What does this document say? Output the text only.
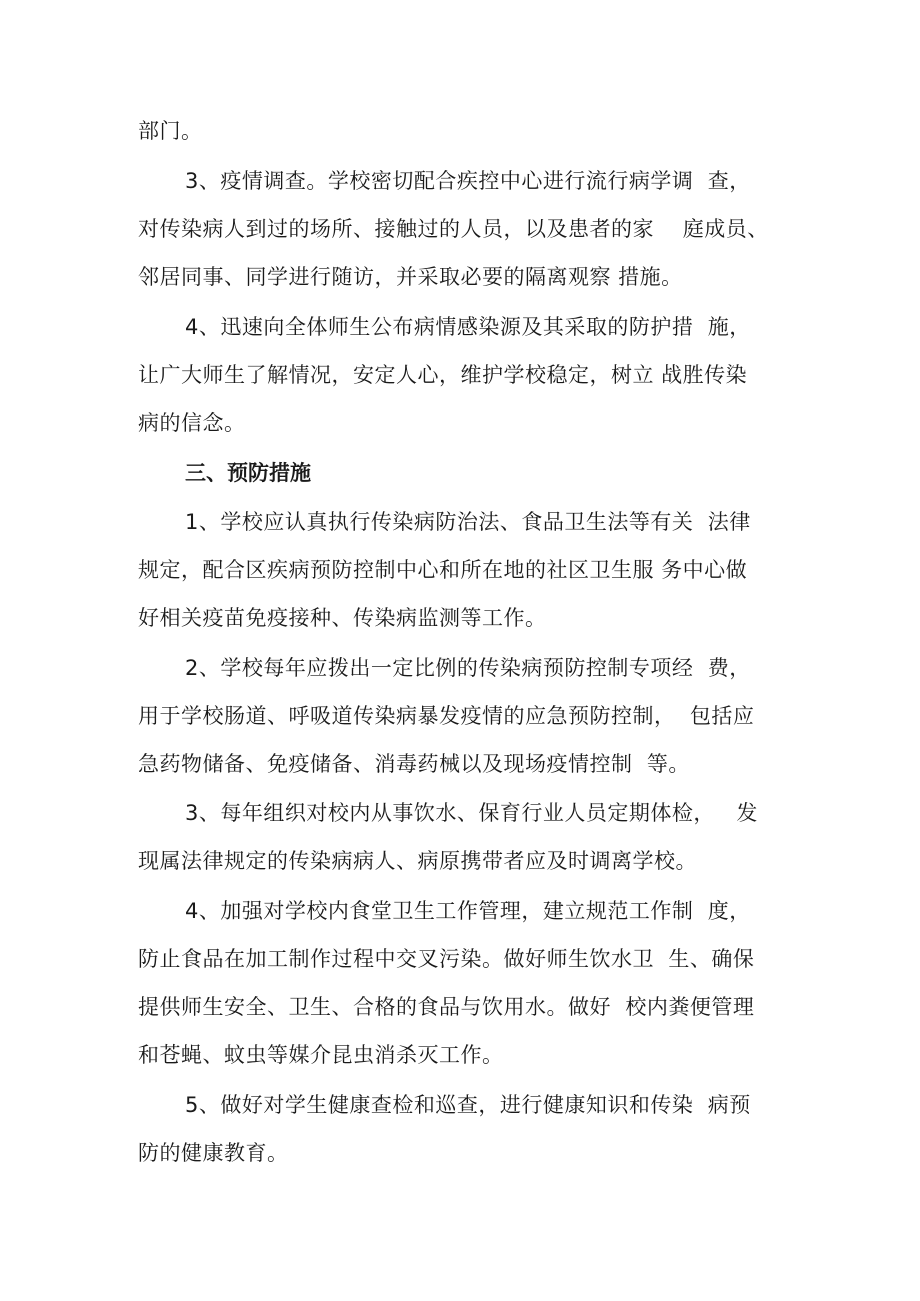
部门。
3、疫情调查。学校密切配合疾控中心进行流行病学调  查，
对传染病人到过的场所、接触过的人员，以及患者的家    庭成员、
邻居同事、同学进行随访，并采取必要的隔离观察 措施。
4、迅速向全体师生公布病情感染源及其采取的防护措  施，
让广大师生了解情况，安定人心，维护学校稳定，树立 战胜传染
病的信念。
三、预防措施
1、学校应认真执行传染病防治法、食品卫生法等有关  法律
规定，配合区疾病预防控制中心和所在地的社区卫生服 务中心做
好相关疫苗免疫接种、传染病监测等工作。
2、学校每年应拨出一定比例的传染病预防控制专项经  费，
用于学校肠道、呼吸道传染病暴发疫情的应急预防控制，  包括应
急药物储备、免疫储备、消毒药械以及现场疫情控制  等。
3、每年组织对校内从事饮水、保育行业人员定期体检，   发
现属法律规定的传染病病人、病原携带者应及时调离学校。
4、加强对学校内食堂卫生工作管理，建立规范工作制  度，
防止食品在加工制作过程中交叉污染。做好师生饮水卫  生、确保
提供师生安全、卫生、合格的食品与饮用水。做好  校内粪便管理
和苍蝇、蚊虫等媒介昆虫消杀灭工作。
5、做好对学生健康查检和巡查，进行健康知识和传染  病预
防的健康教育。
